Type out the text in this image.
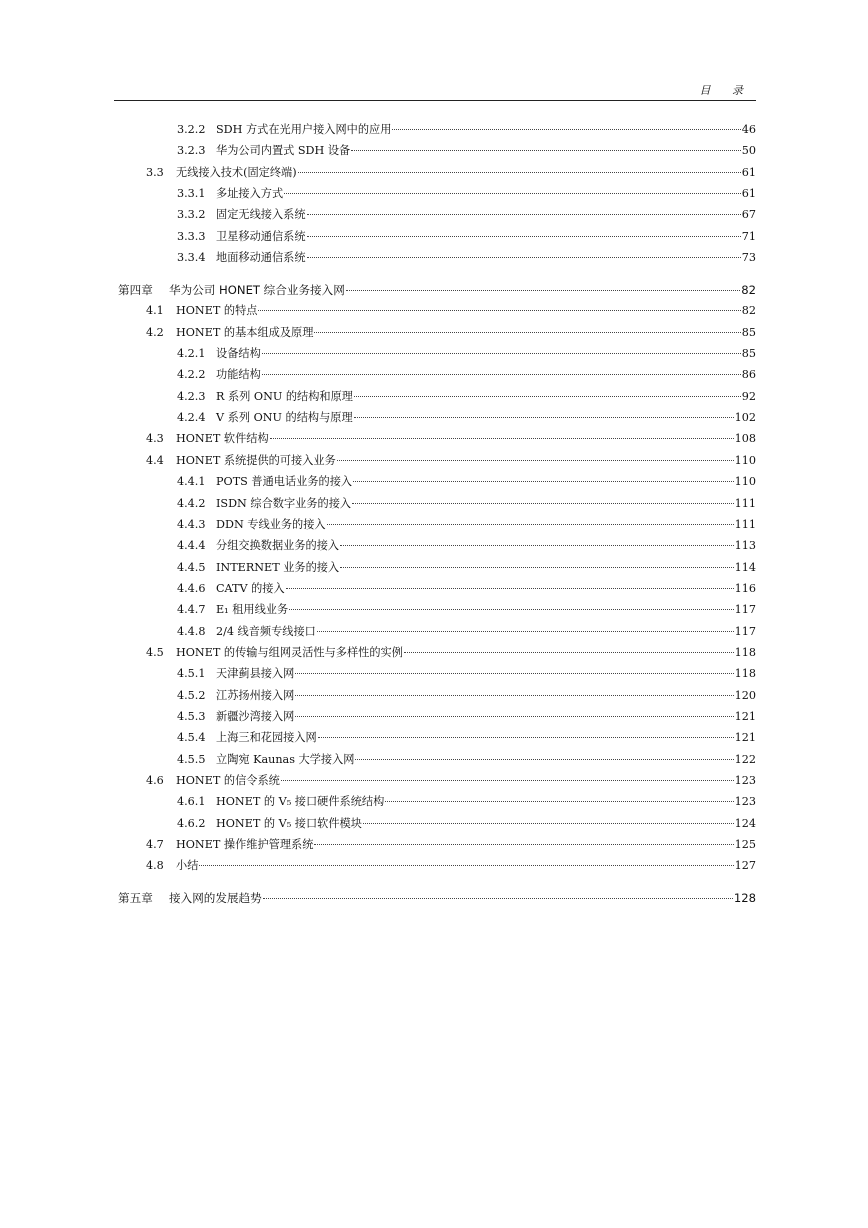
目 录
3.2.2 SDH 方式在光用户接入网中的应用	46
3.2.3 华为公司内置式 SDH 设备	50
3.3	无线接入技术(固定终端)	61
3.3.1 多址接入方式	61
3.3.2 固定无线接入系统	67
3.3.3 卫星移动通信系统	71
3.3.4 地面移动通信系统	73
第四章	华为公司 HONET 综合业务接入网	82
4.1	HONET 的特点	82
4.2	HONET 的基本组成及原理	85
4.2.1 设备结构	85
4.2.2 功能结构	86
4.2.3 R 系列 ONU 的结构和原理	92
4.2.4 V 系列 ONU 的结构与原理	102
4.3	HONET 软件结构	108
4.4	HONET 系统提供的可接入业务	110
4.4.1 POTS 普通电话业务的接入	110
4.4.2 ISDN 综合数字业务的接入	111
4.4.3 DDN 专线业务的接入	111
4.4.4 分组交换数据业务的接入	113
4.4.5 INTERNET 业务的接入	114
4.4.6 CATV 的接入	116
4.4.7 E₁ 租用线业务	117
4.4.8 2/4 线音频专线接口	117
4.5	HONET 的传输与组网灵活性与多样性的实例	118
4.5.1 天津蓟县接入网	118
4.5.2 江苏扬州接入网	120
4.5.3 新疆沙湾接入网	121
4.5.4 上海三和花园接入网	121
4.5.5 立陶宛 Kaunas 大学接入网	122
4.6	HONET 的信令系统	123
4.6.1 HONET 的 V₅ 接口硬件系统结构	123
4.6.2 HONET 的 V₅ 接口软件模块	124
4.7	HONET 操作维护管理系统	125
4.8	小结	127
第五章	接入网的发展趋势	128
